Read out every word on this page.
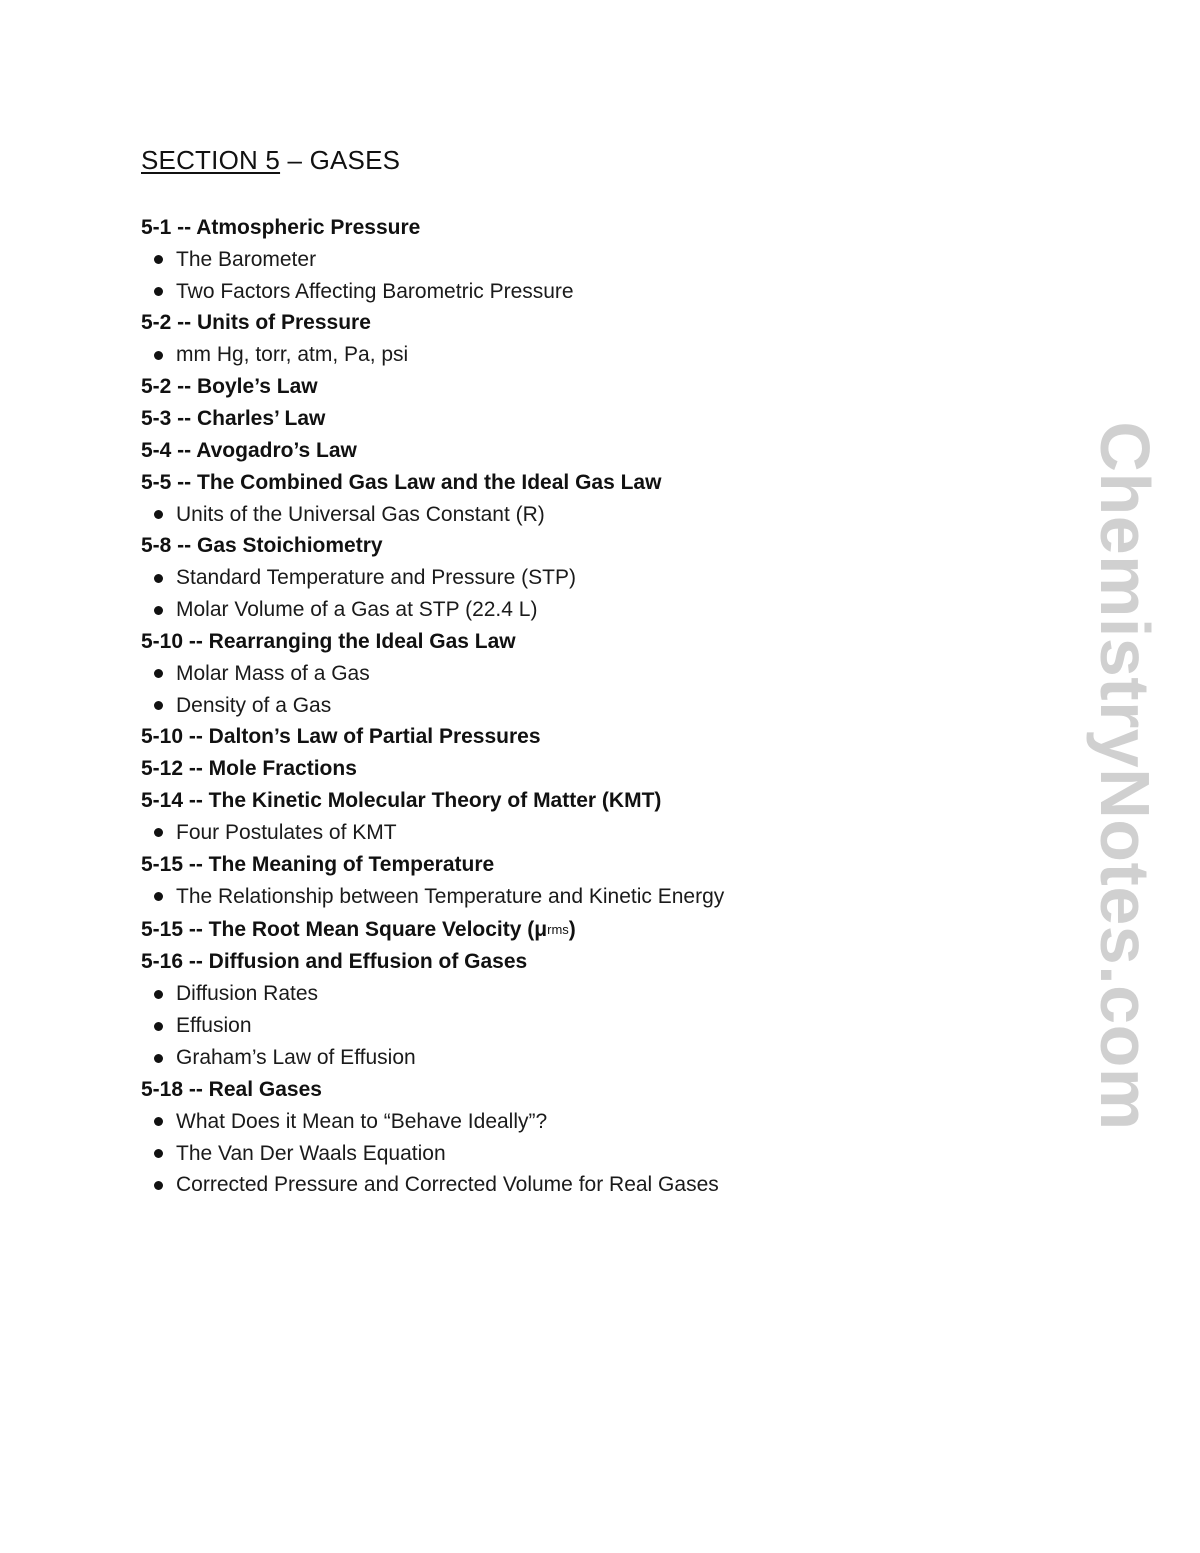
SECTION 5 – GASES
5-1 -- Atmospheric Pressure
The Barometer
Two Factors Affecting Barometric Pressure
5-2 -- Units of Pressure
mm Hg, torr, atm, Pa, psi
5-2 -- Boyle’s Law
5-3 -- Charles’ Law
5-4 -- Avogadro’s Law
5-5 -- The Combined Gas Law and the Ideal Gas Law
Units of the Universal Gas Constant (R)
5-8 -- Gas Stoichiometry
Standard Temperature and Pressure (STP)
Molar Volume of a Gas at STP (22.4 L)
5-10 -- Rearranging the Ideal Gas Law
Molar Mass of a Gas
Density of a Gas
5-10 -- Dalton’s Law of Partial Pressures
5-12 -- Mole Fractions
5-14 -- The Kinetic Molecular Theory of Matter (KMT)
Four Postulates of KMT
5-15 -- The Meaning of Temperature
The Relationship between Temperature and Kinetic Energy
5-15 -- The Root Mean Square Velocity (μ rms )
5-16 -- Diffusion and Effusion of Gases
Diffusion Rates
Effusion
Graham’s Law of Effusion
5-18 -- Real Gases
What Does it Mean to “Behave Ideally”?
The Van Der Waals Equation
Corrected Pressure and Corrected Volume for Real Gases
ChemistryNotes.com
